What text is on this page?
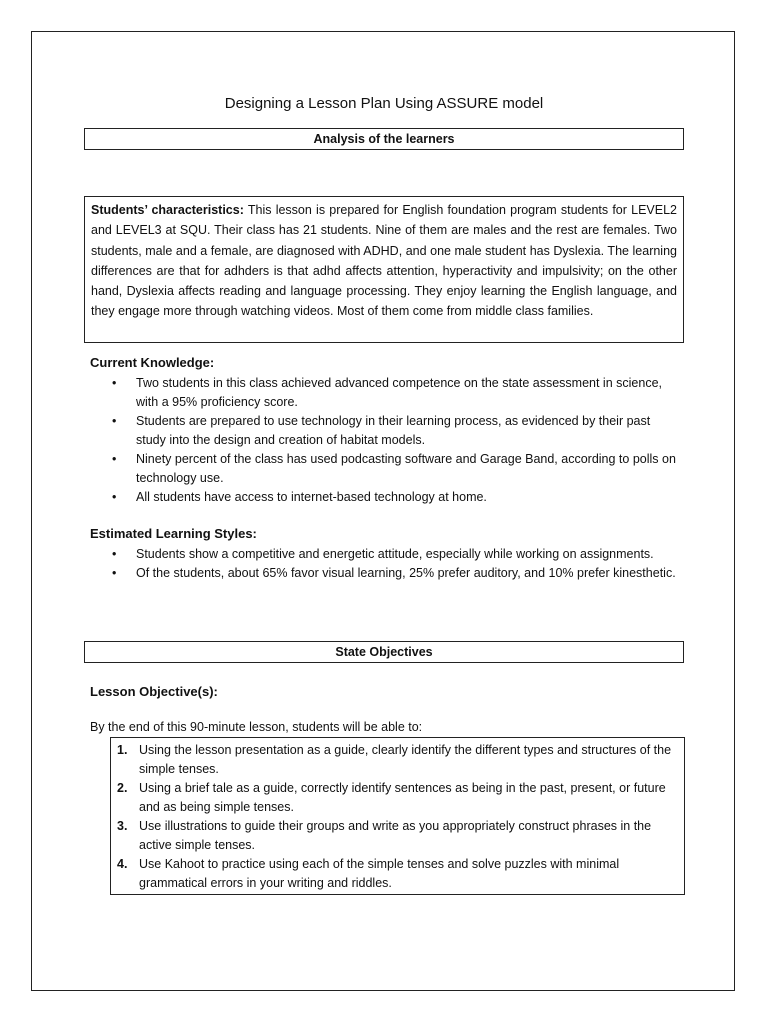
Designing a Lesson Plan Using ASSURE model
Analysis of the learners
Students’ characteristics: This lesson is prepared for English foundation program students for LEVEL2 and LEVEL3 at SQU. Their class has 21 students. Nine of them are males and the rest are females. Two students, male and a female, are diagnosed with ADHD, and one male student has Dyslexia. The learning differences are that for adhders is that adhd affects attention, hyperactivity and impulsivity; on the other hand, Dyslexia affects reading and language processing. They enjoy learning the English language, and they engage more through watching videos. Most of them come from middle class families.
Current Knowledge:
• Two students in this class achieved advanced competence on the state assessment in science, with a 95% proficiency score.
• Students are prepared to use technology in their learning process, as evidenced by their past study into the design and creation of habitat models.
• Ninety percent of the class has used podcasting software and Garage Band, according to polls on technology use.
• All students have access to internet-based technology at home.
Estimated Learning Styles:
• Students show a competitive and energetic attitude, especially while working on assignments.
• Of the students, about 65% favor visual learning, 25% prefer auditory, and 10% prefer kinesthetic.
State Objectives
Lesson Objective(s):
By the end of this 90-minute lesson, students will be able to:
1. Using the lesson presentation as a guide, clearly identify the different types and structures of the simple tenses.
2. Using a brief tale as a guide, correctly identify sentences as being in the past, present, or future and as being simple tenses.
3. Use illustrations to guide their groups and write as you appropriately construct phrases in the active simple tenses.
4. Use Kahoot to practice using each of the simple tenses and solve puzzles with minimal grammatical errors in your writing and riddles.
